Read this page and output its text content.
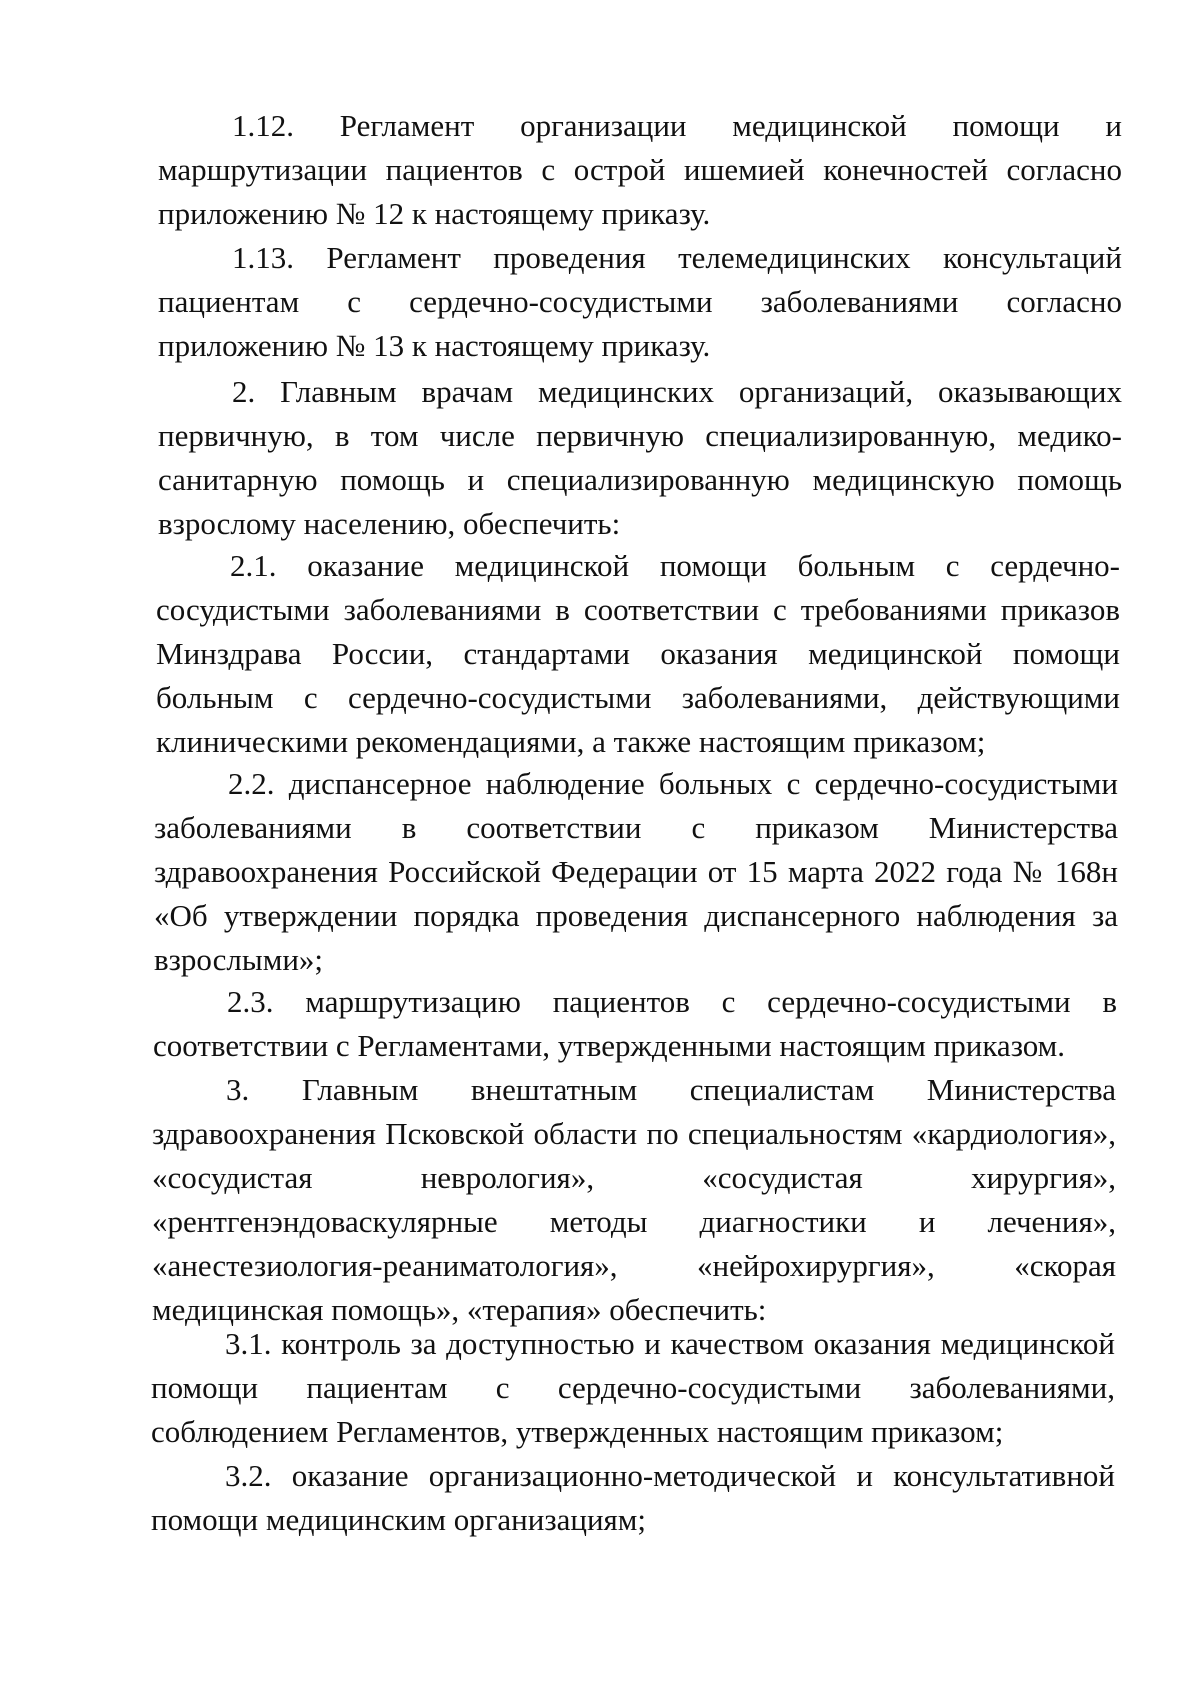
1.12. Регламент организации медицинской помощи и маршрутизации пациентов с острой ишемией конечностей согласно приложению № 12 к настоящему приказу.

1.13. Регламент проведения телемедицинских консультаций пациентам с сердечно-сосудистыми заболеваниями согласно приложению № 13 к настоящему приказу.

2. Главным врачам медицинских организаций, оказывающих первичную, в том числе первичную специализированную, медико-санитарную помощь и специализированную медицинскую помощь взрослому населению, обеспечить:

2.1. оказание медицинской помощи больным с сердечно-сосудистыми заболеваниями в соответствии с требованиями приказов Минздрава России, стандартами оказания медицинской помощи больным с сердечно-сосудистыми заболеваниями, действующими клиническими рекомендациями, а также настоящим приказом;

2.2. диспансерное наблюдение больных с сердечно-сосудистыми заболеваниями в соответствии с приказом Министерства здравоохранения Российской Федерации от 15 марта 2022 года № 168н «Об утверждении порядка проведения диспансерного наблюдения за взрослыми»;

2.3. маршрутизацию пациентов с сердечно-сосудистыми в соответствии с Регламентами, утвержденными настоящим приказом.

3. Главным внештатным специалистам Министерства здравоохранения Псковской области по специальностям «кардиология», «сосудистая неврология», «сосудистая хирургия», «рентгенэндоваскулярные методы диагностики и лечения», «анестезиология-реаниматология», «нейрохирургия», «скорая медицинская помощь», «терапия» обеспечить:

3.1. контроль за доступностью и качеством оказания медицинской помощи пациентам с сердечно-сосудистыми заболеваниями, соблюдением Регламентов, утвержденных настоящим приказом;

3.2. оказание организационно-методической и консультативной помощи медицинским организациям;
